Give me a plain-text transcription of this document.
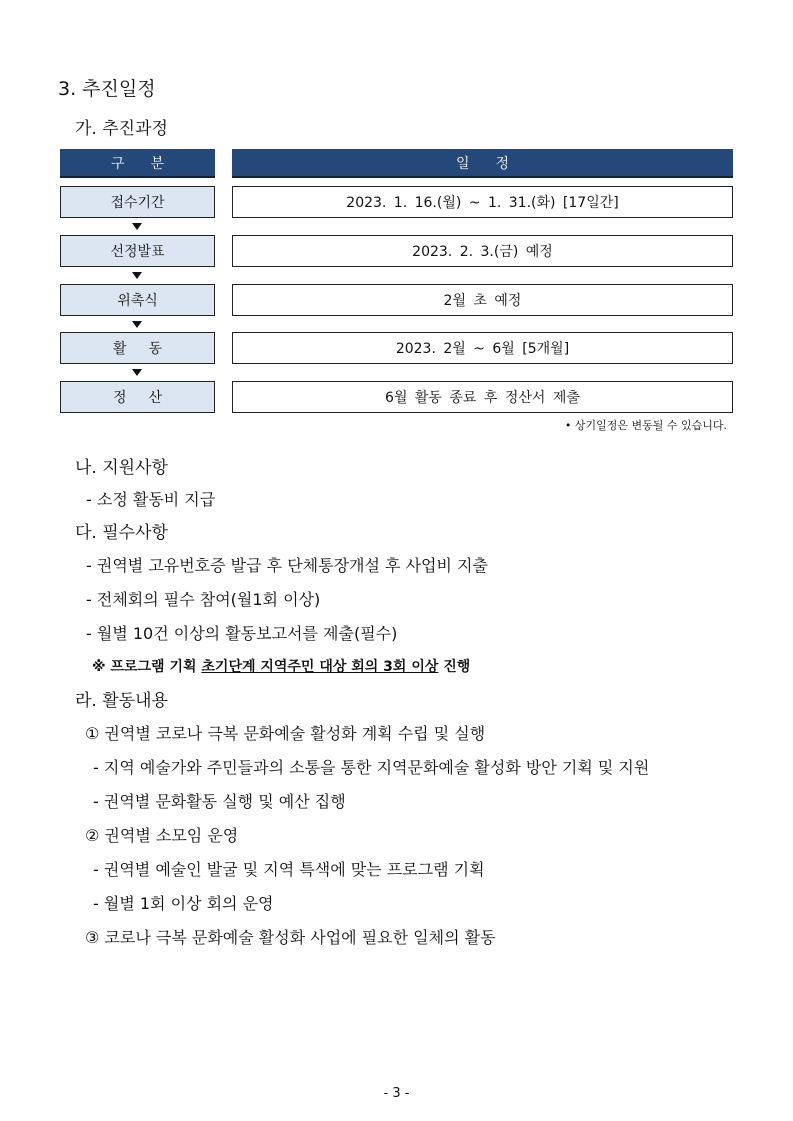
3. 추진일정
가. 추진과정
구분	일정
접수기간	2023. 1. 16.(월) ~ 1. 31.(화) [17일간]
선정발표	2023. 2. 3.(금) 예정
위촉식	2월 초 예정
활동	2023. 2월 ~ 6월 [5개월]
정산	6월 활동 종료 후 정산서 제출
• 상기일정은 변동될 수 있습니다.
나. 지원사항
- 소정 활동비 지급
다. 필수사항
- 권역별 고유번호증 발급 후 단체통장개설 후 사업비 지출
- 전체회의 필수 참여(월1회 이상)
- 월별 10건 이상의 활동보고서를 제출(필수)
※ 프로그램 기획 초기단계 지역주민 대상 회의 3회 이상 진행
라. 활동내용
① 권역별 코로나 극복 문화예술 활성화 계획 수립 및 실행
- 지역 예술가와 주민들과의 소통을 통한 지역문화예술 활성화 방안 기획 및 지원
- 권역별 문화활동 실행 및 예산 집행
② 권역별 소모임 운영
- 권역별 예술인 발굴 및 지역 특색에 맞는 프로그램 기획
- 월별 1회 이상 회의 운영
③ 코로나 극복 문화예술 활성화 사업에 필요한 일체의 활동
- 3 -
